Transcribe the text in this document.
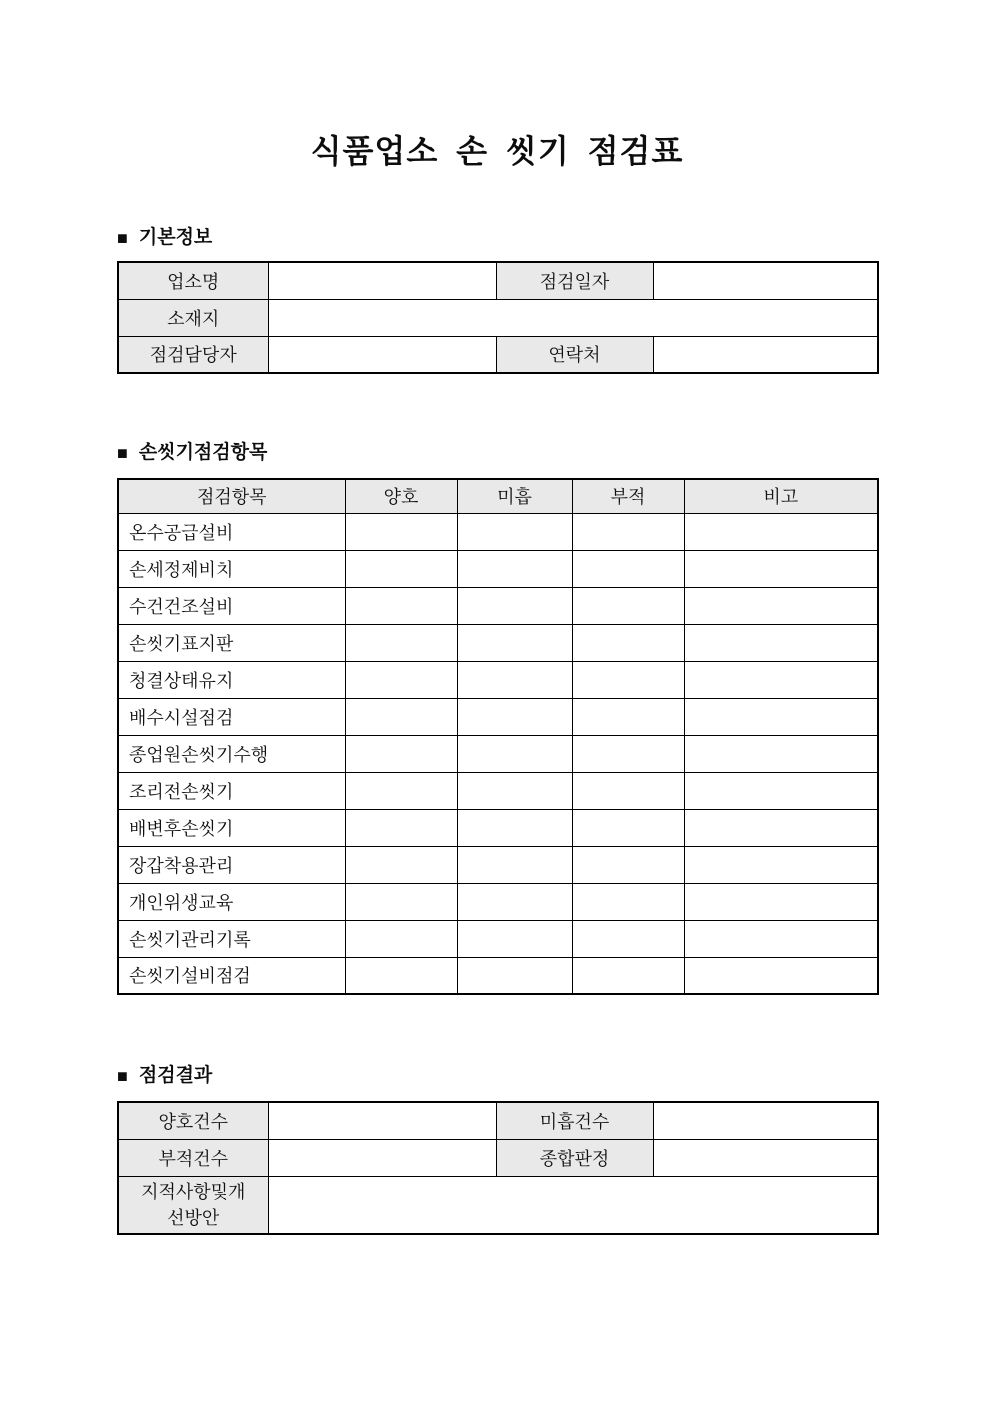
식품업소 손 씻기 점검표
■ 기본정보
업소명		점검일자	
소재지			
점검담당자		연락처	
■ 손씻기점검항목
점검항목	양호	미흡	부적	비고
온수공급설비				
손세정제비치				
수건건조설비				
손씻기표지판				
청결상태유지				
배수시설점검				
종업원손씻기수행				
조리전손씻기				
배변후손씻기				
장갑착용관리				
개인위생교육				
손씻기관리기록				
손씻기설비점검				
■ 점검결과
양호건수		미흡건수	
부적건수		종합판정	
지적사항및개선방안			
